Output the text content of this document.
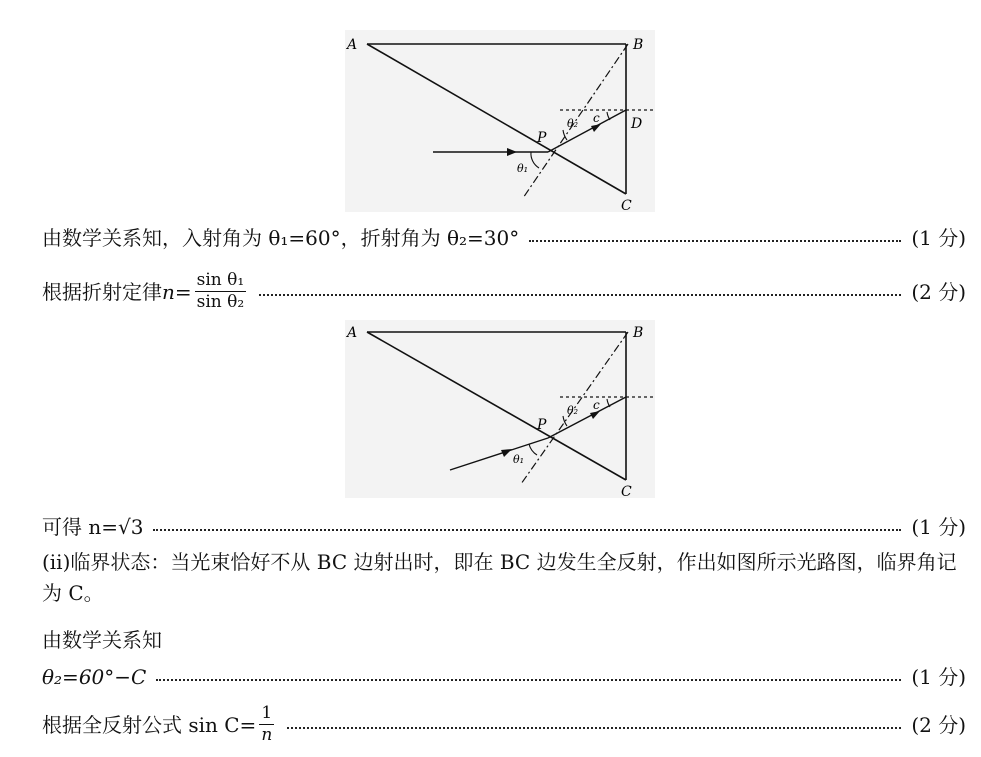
A	B
C
D
P
θ₁
θ₂ c
由数学关系知，入射角为 θ₁=60°，折射角为 θ₂=30°	(1 分)
根据折射定律 $n= \frac{\text{sin θ₁}}{\text{sin θ₂}}$	(2 分)
A	B
C
P
θ₁
θ₂ c
可得 n=√3	(1 分)
(ⅱ)临界状态：当光束恰好不从 BC 边射出时，即在 BC 边发生全反射，作出如图所示光路图，临界角记为 C。
由数学关系知
θ₂=60°−C	(1 分)
根据全反射公式 $\sin C= \frac{1}{n}$	(2 分)
